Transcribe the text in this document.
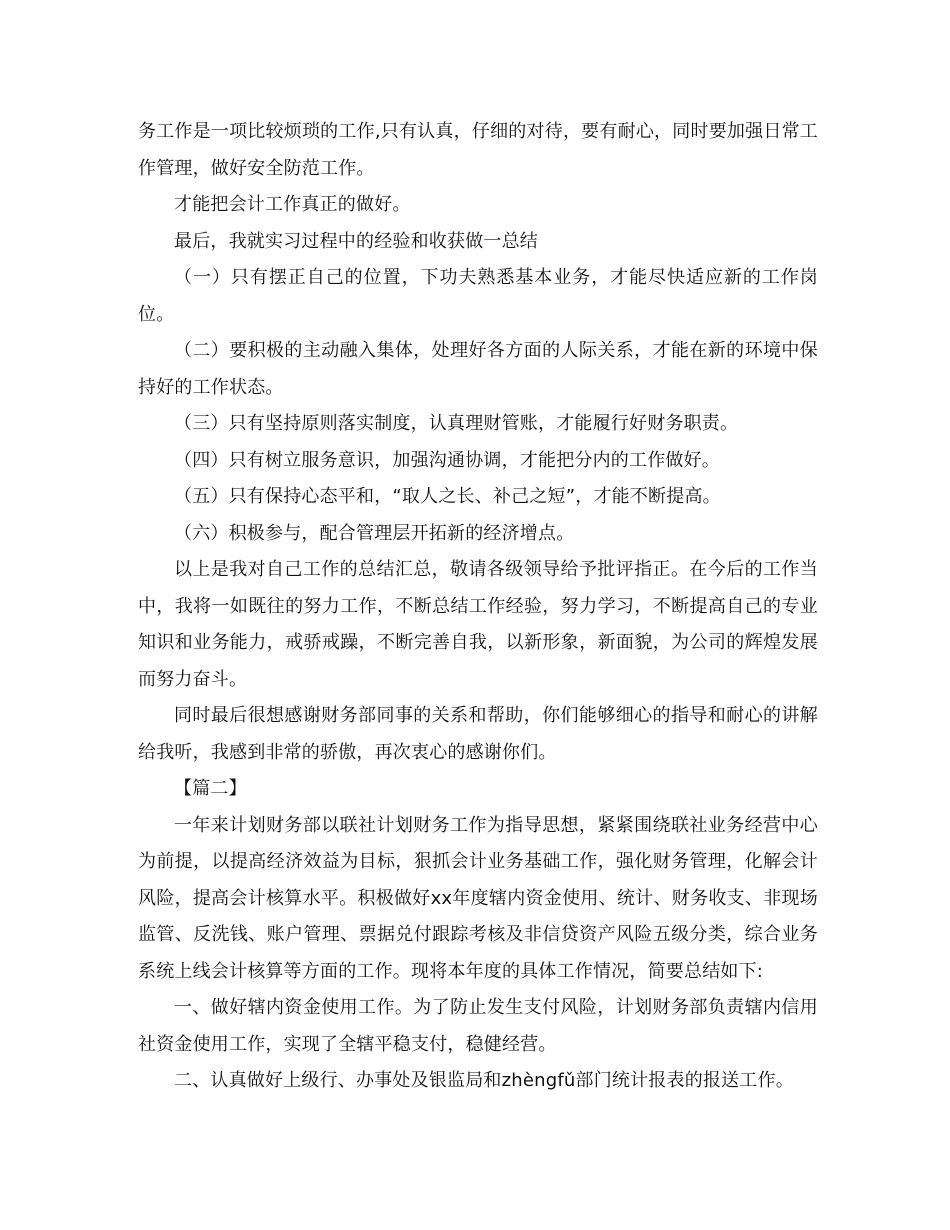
务工作是一项比较烦琐的工作,只有认真，仔细的对待，要有耐心，同时要加强日常工作管理，做好安全防范工作。

才能把会计工作真正的做好。

最后，我就实习过程中的经验和收获做一总结

（一）只有摆正自己的位置，下功夫熟悉基本业务，才能尽快适应新的工作岗位。

（二）要积极的主动融入集体，处理好各方面的人际关系，才能在新的环境中保持好的工作状态。

（三）只有坚持原则落实制度，认真理财管账，才能履行好财务职责。

（四）只有树立服务意识，加强沟通协调，才能把分内的工作做好。

（五）只有保持心态平和，“取人之长、补己之短”，才能不断提高。

（六）积极参与，配合管理层开拓新的经济增点。

以上是我对自己工作的总结汇总，敬请各级领导给予批评指正。在今后的工作当中，我将一如既往的努力工作，不断总结工作经验，努力学习，不断提高自己的专业知识和业务能力，戒骄戒躁，不断完善自我，以新形象，新面貌，为公司的辉煌发展而努力奋斗。

同时最后很想感谢财务部同事的关系和帮助，你们能够细心的指导和耐心的讲解给我听，我感到非常的骄傲，再次衷心的感谢你们。

【篇二】

一年来计划财务部以联社计划财务工作为指导思想，紧紧围绕联社业务经营中心为前提，以提高经济效益为目标，狠抓会计业务基础工作，强化财务管理，化解会计风险，提高会计核算水平。积极做好xx年度辖内资金使用、统计、财务收支、非现场监管、反洗钱、账户管理、票据兑付跟踪考核及非信贷资产风险五级分类，综合业务系统上线会计核算等方面的工作。现将本年度的具体工作情况，简要总结如下:

一、做好辖内资金使用工作。为了防止发生支付风险，计划财务部负责辖内信用社资金使用工作，实现了全辖平稳支付，稳健经营。

二、认真做好上级行、办事处及银监局和zhèngfǔ部门统计报表的报送工作。
